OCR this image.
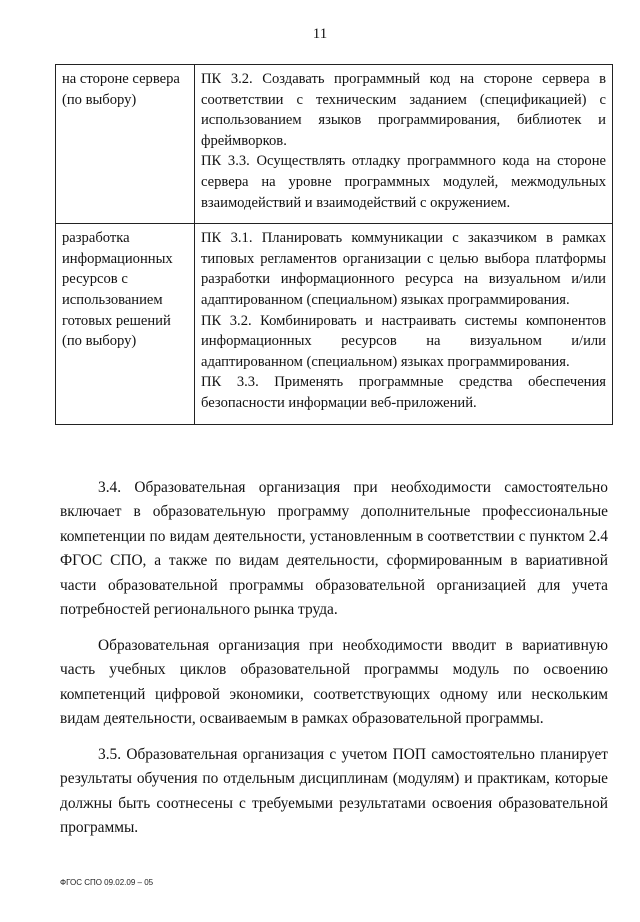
11
на стороне сервера (по выбору)	ПК 3.2. Создавать программный код на стороне сервера в соответствии с техническим заданием (спецификацией) с использованием языков программирования, библиотек и фреймворков.
ПК 3.3. Осуществлять отладку программного кода на стороне сервера на уровне программных модулей, межмодульных взаимодействий и взаимодействий с окружением.

разработка информационных ресурсов с использованием готовых решений (по выбору)	ПК 3.1. Планировать коммуникации с заказчиком в рамках типовых регламентов организации с целью выбора платформы разработки информационного ресурса на визуальном и/или адаптированном (специальном) языках программирования.
ПК 3.2. Комбинировать и настраивать системы компонентов информационных ресурсов на визуальном и/или адаптированном (специальном) языках программирования.
ПК 3.3. Применять программные средства обеспечения безопасности информации веб-приложений.

3.4. Образовательная организация при необходимости самостоятельно включает в образовательную программу дополнительные профессиональные компетенции по видам деятельности, установленным в соответствии с пунктом 2.4 ФГОС СПО, а также по видам деятельности, сформированным в вариативной части образовательной программы образовательной организацией для учета потребностей регионального рынка труда.

Образовательная организация при необходимости вводит в вариативную часть учебных циклов образовательной программы модуль по освоению компетенций цифровой экономики, соответствующих одному или нескольким видам деятельности, осваиваемым в рамках образовательной программы.

3.5. Образовательная организация с учетом ПОП самостоятельно планирует результаты обучения по отдельным дисциплинам (модулям) и практикам, которые должны быть соотнесены с требуемыми результатами освоения образовательной программы.

ФГОС СПО 09.02.09 – 05
